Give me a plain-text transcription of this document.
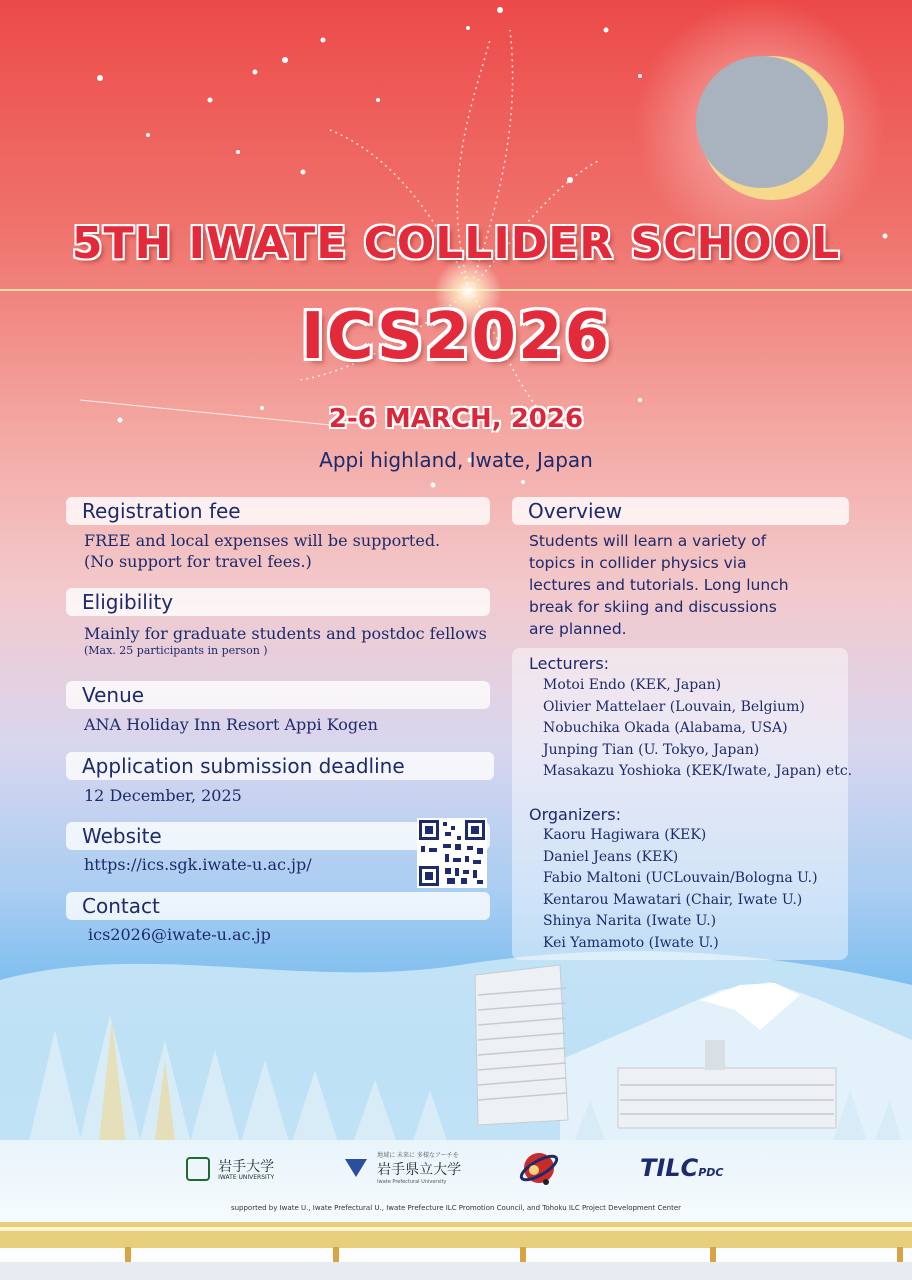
5TH IWATE COLLIDER SCHOOL
ICS2026
2-6 MARCH, 2026
Appi highland, Iwate, Japan
Registration fee
FREE and local expenses will be supported.
(No support for travel fees.)
Eligibility
Mainly for graduate students and postdoc fellows
(Max. 25 participants in person )
Venue
ANA Holiday Inn Resort Appi Kogen
Application submission deadline
12 December, 2025
Website
https://ics.sgk.iwate-u.ac.jp/
Contact
ics2026@iwate-u.ac.jp
Overview
Students will learn a variety of
topics in collider physics via
lectures and tutorials. Long lunch
break for skiing and discussions
are planned.
Lecturers:
Motoi Endo (KEK, Japan)
Olivier Mattelaer (Louvain, Belgium)
Nobuchika Okada (Alabama, USA)
Junping Tian (U. Tokyo, Japan)
Masakazu Yoshioka (KEK/Iwate, Japan) etc.
Organizers:
Kaoru Hagiwara (KEK)
Daniel Jeans (KEK)
Fabio Maltoni (UCLouvain/Bologna U.)
Kentarou Mawatari (Chair, Iwate U.)
Shinya Narita (Iwate U.)
Kei Yamamoto (Iwate U.)

岩手大学
IWATE UNIVERSITY

地域に 未来に 多様なアーチを
岩手県立大学
Iwate Prefectural University	TILCPDC
supported by Iwate U., Iwate Prefectural U., Iwate Prefecture ILC Promotion Council, and Tohoku ILC Project Development Center
